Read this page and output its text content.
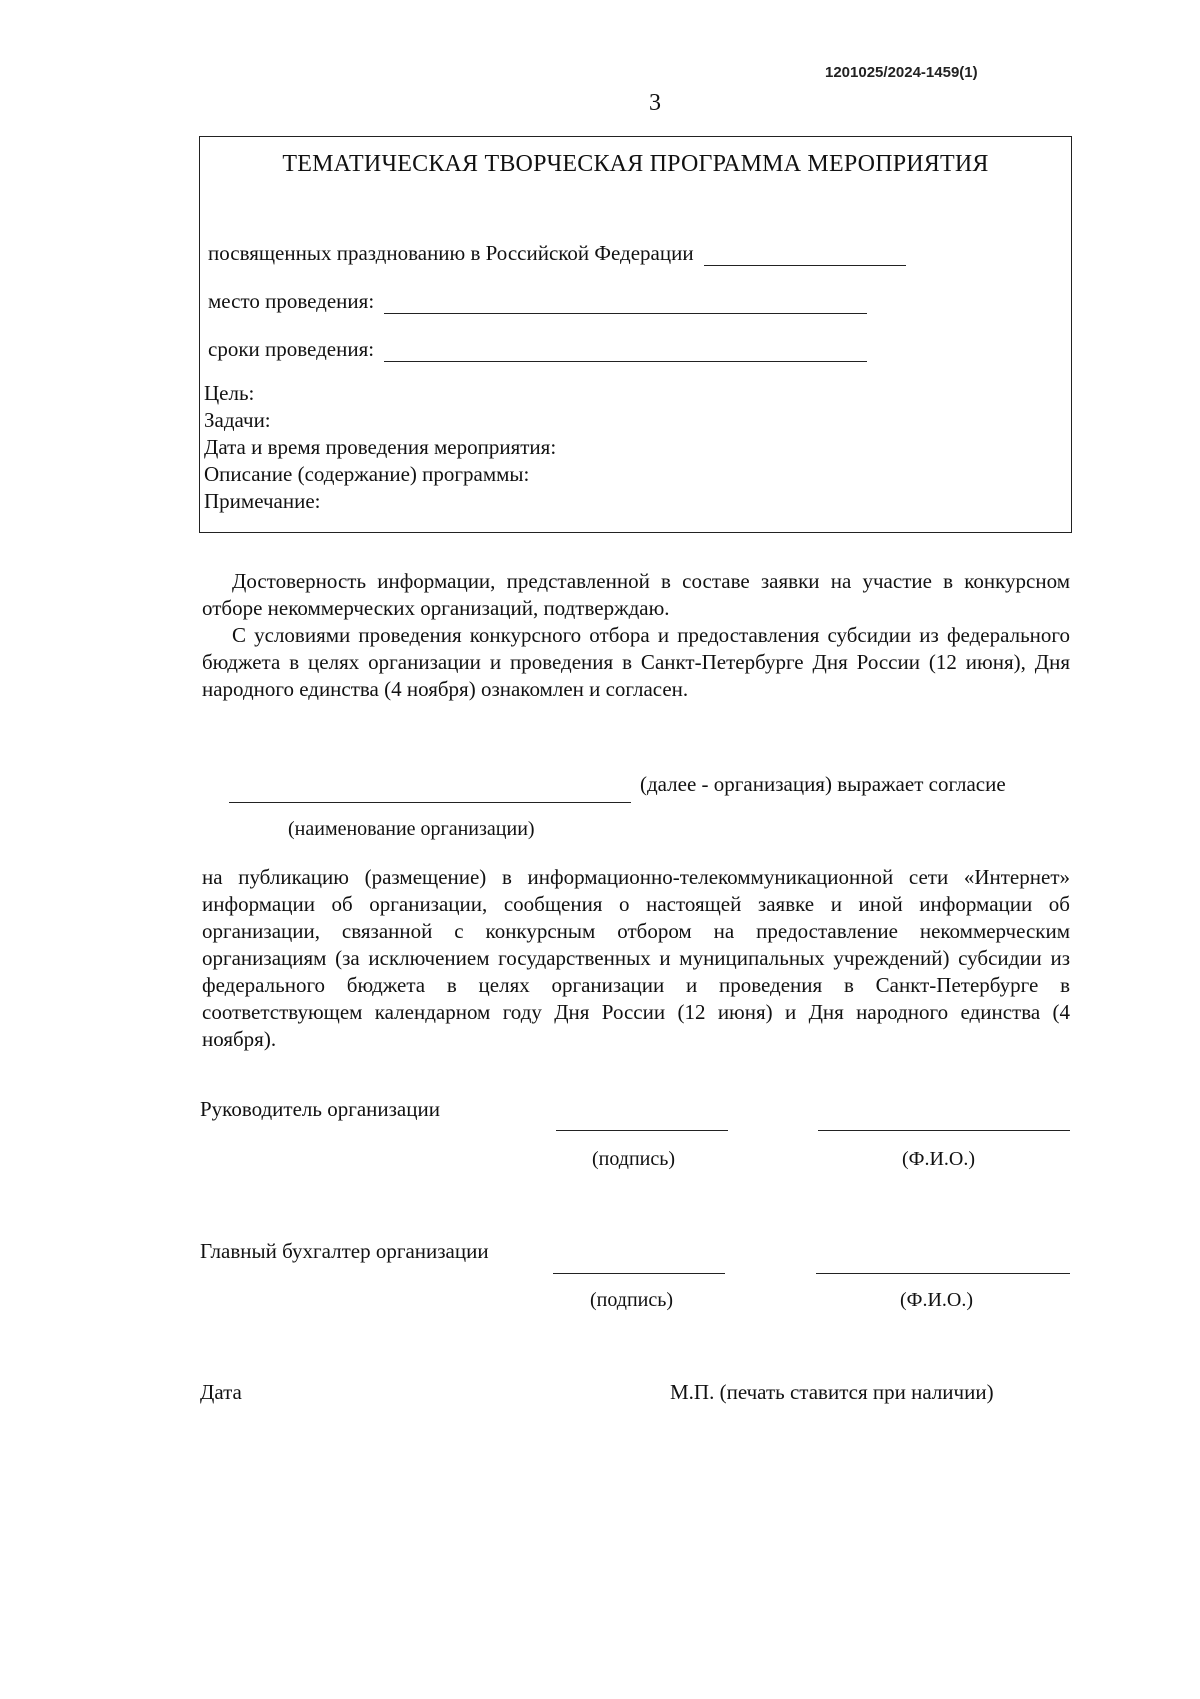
1201025/2024-1459(1)
3
ТЕМАТИЧЕСКАЯ ТВОРЧЕСКАЯ ПРОГРАММА МЕРОПРИЯТИЯ
посвященных празднованию в Российской Федерации
место проведения:
сроки проведения:
Цель:
Задачи:
Дата и время проведения мероприятия:
Описание (содержание) программы:
Примечание:

Достоверность информации, представленной в составе заявки на участие в конкурсном отборе некоммерческих организаций, подтверждаю.

С условиями проведения конкурсного отбора и предоставления субсидии из федерального бюджета в целях организации и проведения в Санкт-Петербурге Дня России (12 июня), Дня народного единства (4 ноября) ознакомлен и согласен.

(далее - организация) выражает согласие
(наименование организации)

на публикацию (размещение) в информационно-телекоммуникационной сети «Интернет» информации об организации, сообщения о настоящей заявке и иной информации об организации, связанной с конкурсным отбором на предоставление некоммерческим организациям (за исключением государственных и муниципальных учреждений) субсидии из федерального бюджета в целях организации и проведения в Санкт-Петербурге в соответствующем календарном году Дня России (12 июня) и Дня народного единства (4 ноября).

Руководитель организации
(подпись)	(Ф.И.О.)
Главный бухгалтер организации
(подпись)	(Ф.И.О.)
Дата	М.П. (печать ставится при наличии)
